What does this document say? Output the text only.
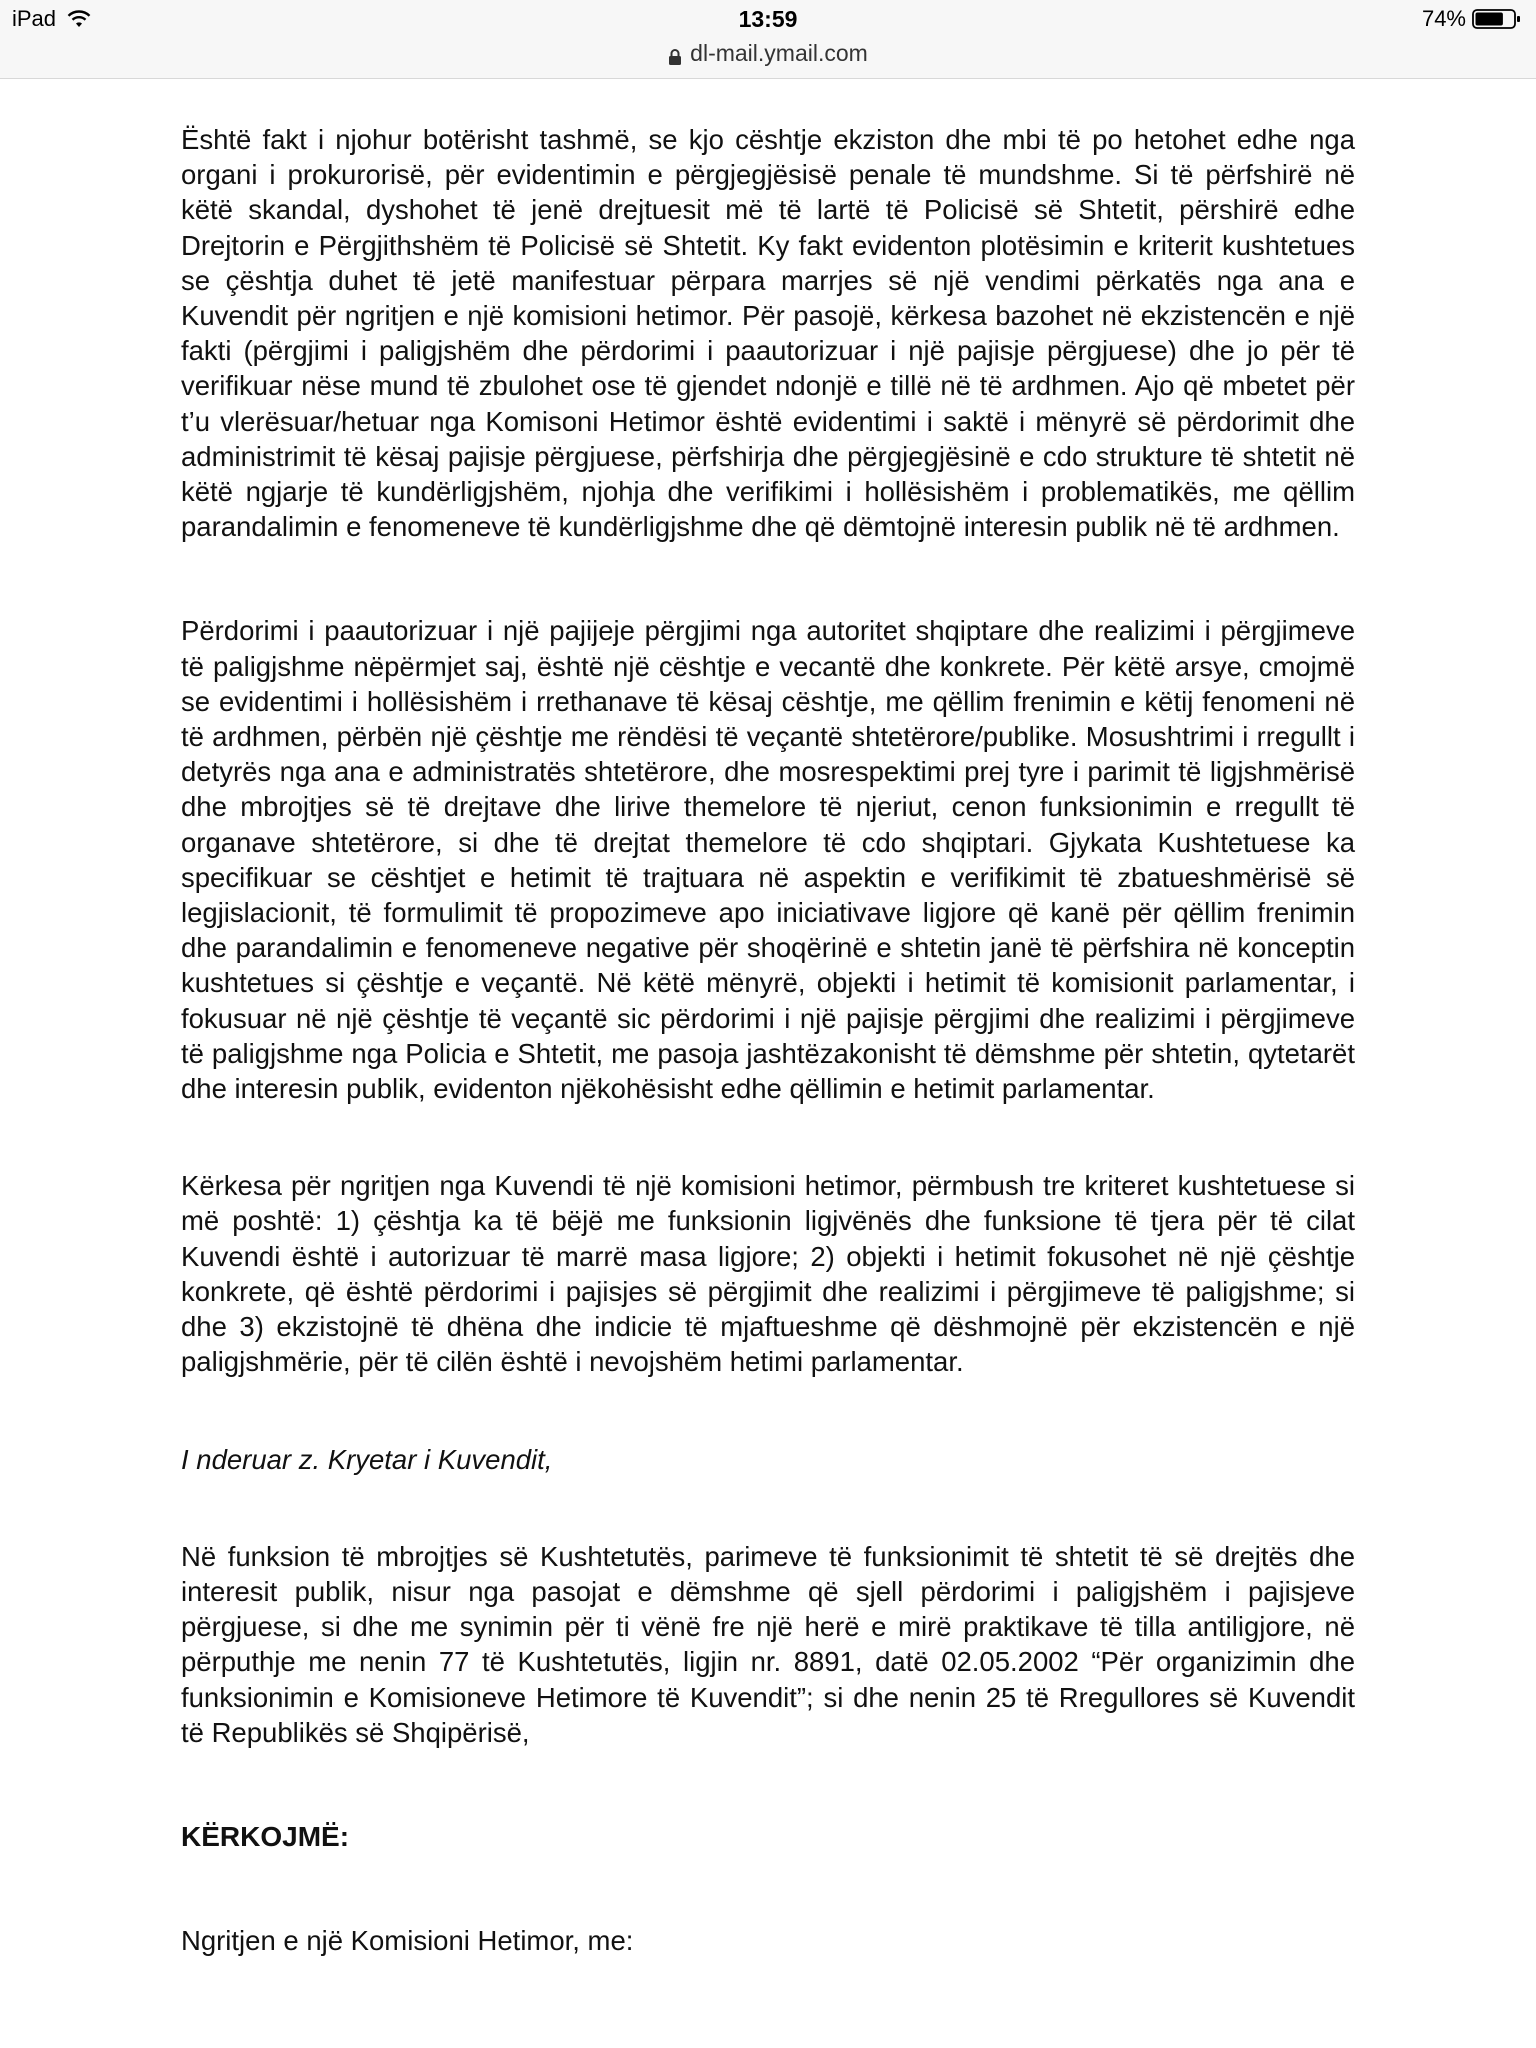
iPad	13:59	74%
dl-mail.ymail.com

Është fakt i njohur botërisht tashmë, se kjo cështje ekziston dhe mbi të po hetohet edhe nga organi i prokurorisë, për evidentimin e përgjegjësisë penale të mundshme. Si të përfshirë në këtë skandal, dyshohet të jenë drejtuesit më të lartë të Policisë së Shtetit, përshirë edhe Drejtorin e Përgjithshëm të Policisë së Shtetit. Ky fakt evidenton plotësimin e kriterit kushtetues se çështja duhet të jetë manifestuar përpara marrjes së një vendimi përkatës nga ana e Kuvendit për ngritjen e një komisioni hetimor. Për pasojë, kërkesa bazohet në ekzistencën e një fakti (përgjimi i paligjshëm dhe përdorimi i paautorizuar i një pajisje përgjuese) dhe jo për të verifikuar nëse mund të zbulohet ose të gjendet ndonjë e tillë në të ardhmen. Ajo që mbetet për t’u vlerësuar/hetuar nga Komisoni Hetimor është evidentimi i saktë i mënyrë së përdorimit dhe administrimit të kësaj pajisje përgjuese, përfshirja dhe përgjegjësinë e cdo strukture të shtetit në këtë ngjarje të kundërligjshëm, njohja dhe verifikimi i hollësishëm i problematikës, me qëllim parandalimin e fenomeneve të kundërligjshme dhe që dëmtojnë interesin publik në të ardhmen.

Përdorimi i paautorizuar i një pajijeje përgjimi nga autoritet shqiptare dhe realizimi i përgjimeve të paligjshme nëpërmjet saj, është një cështje e vecantë dhe konkrete. Për këtë arsye, cmojmë se evidentimi i hollësishëm i rrethanave të kësaj cështje, me qëllim frenimin e këtij fenomeni në të ardhmen, përbën një çështje me rëndësi të veçantë shtetërore/publike. Mosushtrimi i rregullt i detyrës nga ana e administratës shtetërore, dhe mosrespektimi prej tyre i parimit të ligjshmërisë dhe mbrojtjes së të drejtave dhe lirive themelore të njeriut, cenon funksionimin e rregullt të organave shtetërore, si dhe të drejtat themelore të cdo shqiptari. Gjykata Kushtetuese ka specifikuar se cështjet e hetimit të trajtuara në aspektin e verifikimit të zbatueshmërisë së legjislacionit, të formulimit të propozimeve apo iniciativave ligjore që kanë për qëllim frenimin dhe parandalimin e fenomeneve negative për shoqërinë e shtetin janë të përfshira në konceptin kushtetues si çështje e veçantë. Në këtë mënyrë, objekti i hetimit të komisionit parlamentar, i fokusuar në një çështje të veçantë sic përdorimi i një pajisje përgjimi dhe realizimi i përgjimeve të paligjshme nga Policia e Shtetit, me pasoja jashtëzakonisht të dëmshme për shtetin, qytetarët dhe interesin publik, evidenton njëkohësisht edhe qëllimin e hetimit parlamentar.

Kërkesa për ngritjen nga Kuvendi të një komisioni hetimor, përmbush tre kriteret kushtetuese si më poshtë: 1) çështja ka të bëjë me funksionin ligjvënës dhe funksione të tjera për të cilat Kuvendi është i autorizuar të marrë masa ligjore; 2) objekti i hetimit fokusohet në një çështje konkrete, që është përdorimi i pajisjes së përgjimit dhe realizimi i përgjimeve të paligjshme; si dhe 3) ekzistojnë të dhëna dhe indicie të mjaftueshme që dëshmojnë për ekzistencën e një paligjshmërie, për të cilën është i nevojshëm hetimi parlamentar.

I nderuar z. Kryetar i Kuvendit,

Në funksion të mbrojtjes së Kushtetutës, parimeve të funksionimit të shtetit të së drejtës dhe interesit publik, nisur nga pasojat e dëmshme që sjell përdorimi i paligjshëm i pajisjeve përgjuese, si dhe me synimin për ti vënë fre një herë e mirë praktikave të tilla antiligjore, në përputhje me nenin 77 të Kushtetutës, ligjin nr. 8891, datë 02.05.2002 “Për organizimin dhe funksionimin e Komisioneve Hetimore të Kuvendit”; si dhe nenin 25 të Rregullores së Kuvendit të Republikës së Shqipërisë,

KËRKOJMË:

Ngritjen e një Komisioni Hetimor, me:
